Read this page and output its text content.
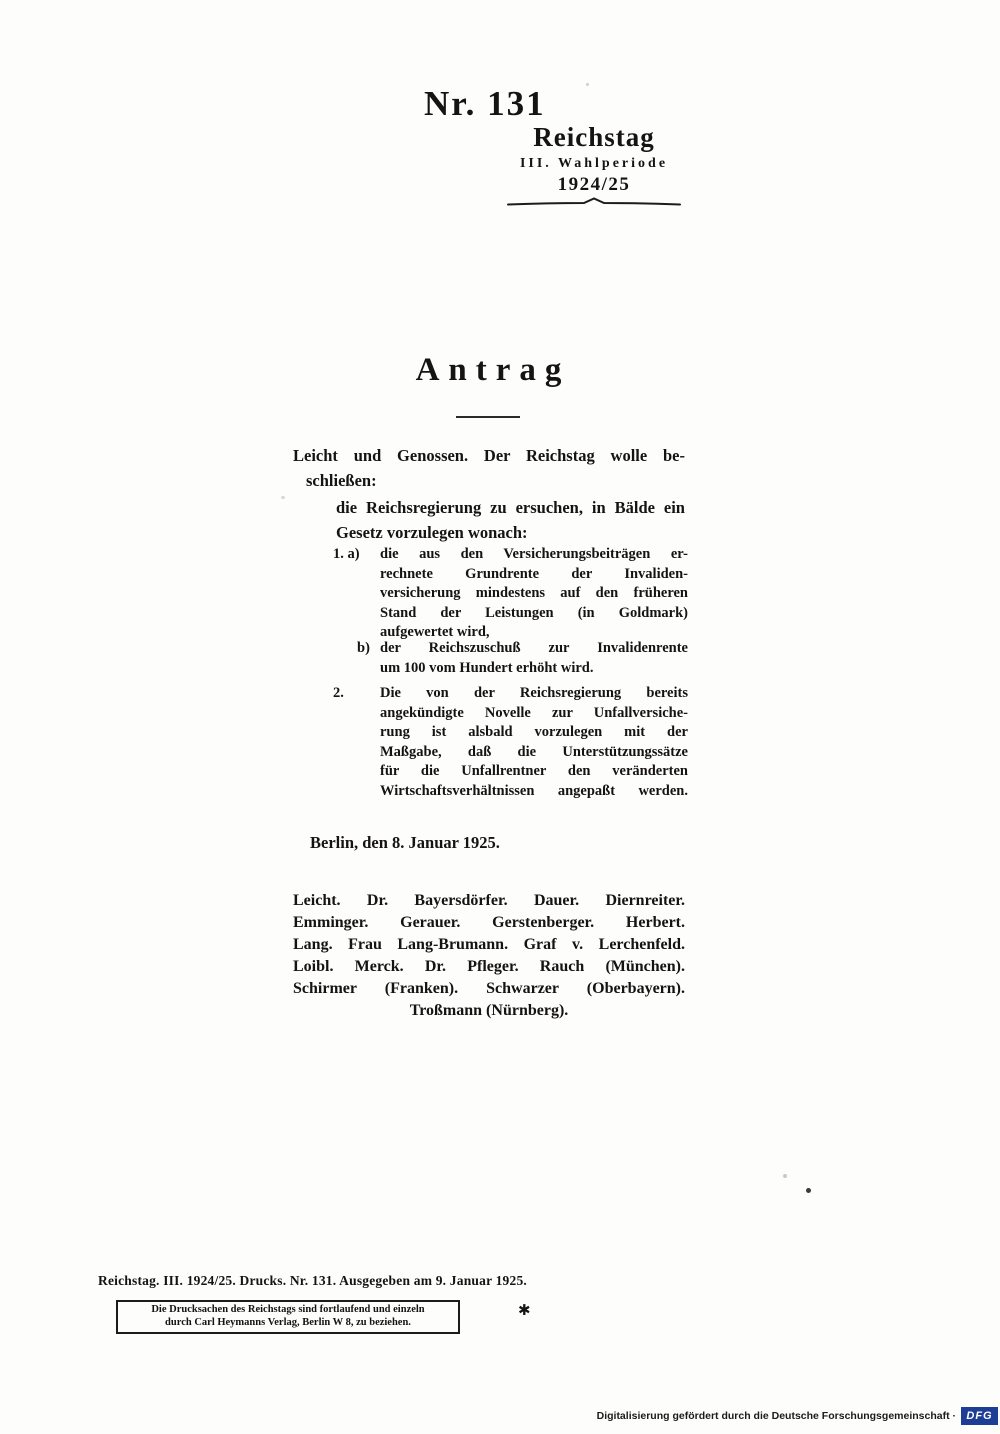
Nr. 131
Reichstag
III. Wahlperiode
1924/25
Antrag
Leicht und Genossen. Der Reichstag wolle be-
schließen:
die Reichsregierung zu ersuchen, in Bälde ein
Gesetz vorzulegen wonach:
1. a) die aus den Versicherungsbeiträgen er-
rechnete Grundrente der Invaliden-
versicherung mindestens auf den früheren
Stand der Leistungen (in Goldmark)
aufgewertet wird,
b) der Reichszuschuß zur Invalidenrente
um 100 vom Hundert erhöht wird.
2. Die von der Reichsregierung bereits
angekündigte Novelle zur Unfallversiche-
rung ist alsbald vorzulegen mit der
Maßgabe, daß die Unterstützungssätze
für die Unfallrentner den veränderten
Wirtschaftsverhältnissen angepaßt werden.
Berlin, den 8. Januar 1925.
Leicht. Dr. Bayersdörfer. Dauer. Diernreiter.
Emminger. Gerauer. Gerstenberger. Herbert.
Lang. Frau Lang-Brumann. Graf v. Lerchenfeld.
Loibl. Merck. Dr. Pfleger. Rauch (München).
Schirmer (Franken). Schwarzer (Oberbayern).
Troßmann (Nürnberg).
Reichstag. III. 1924/25. Drucks. Nr. 131. Ausgegeben am 9. Januar 1925.
Die Drucksachen des Reichstags sind fortlaufend und einzeln
durch Carl Heymanns Verlag, Berlin W 8, zu beziehen.
✱
Digitalisierung gefördert durch die Deutsche Forschungsgemeinschaft · DFG
